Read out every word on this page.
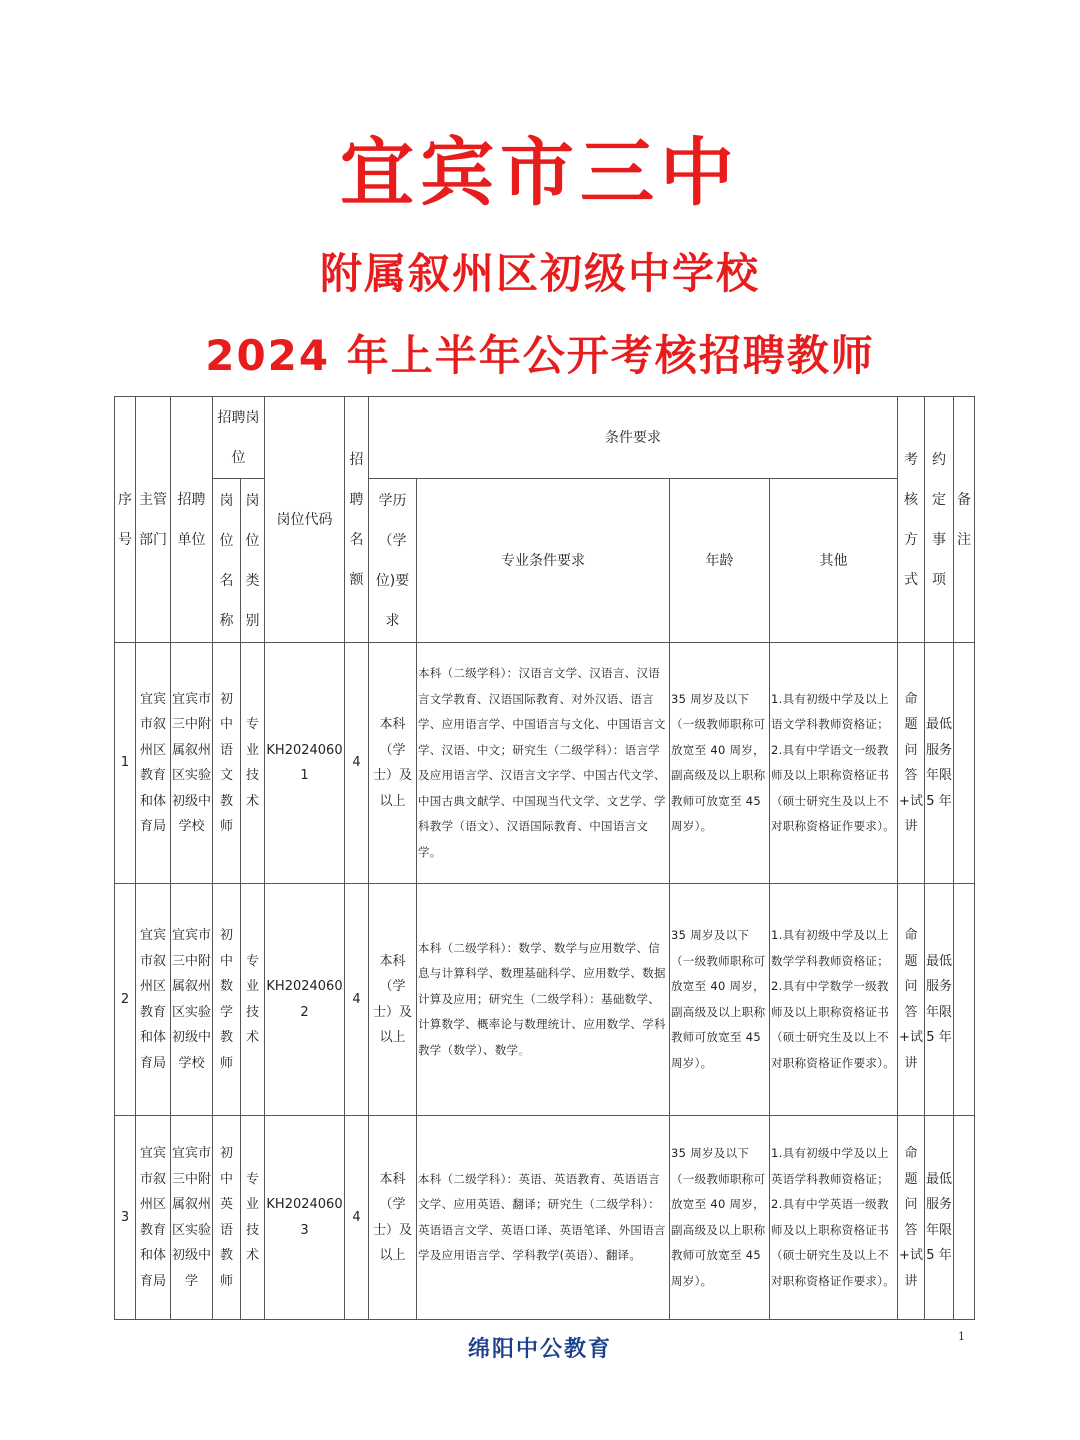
宜宾市三中
附属叙州区初级中学校
2024 年上半年公开考核招聘教师
序号	主管部门	招聘单位	招聘岗位		岗位代码	招聘名额	条件要求				考核方式	约定事项	备注
			岗位名称	岗位类别			学历（学位)要求	专业条件要求	年龄	其他			
1	宜宾市叙州区教育和体育局	宜宾市三中附属叙州区实验初级中学校	初中语文教师	专业技术	KH20240601	4	本科（学士）及以上	本科（二级学科）：汉语言文学、汉语言、汉语言文学教育、汉语国际教育、对外汉语、语言学、应用语言学、中国语言与文化、中国语言文学、汉语、中文；研究生（二级学科）：语言学及应用语言学、汉语言文字学、中国古代文学、中国古典文献学、中国现当代文学、文艺学、学科教学（语文）、汉语国际教育、中国语言文学。	35 周岁及以下（一级教师职称可放宽至 40 周岁，副高级及以上职称教师可放宽至 45 周岁）。	1.具有初级中学及以上语文学科教师资格证；2.具有中学语文一级教师及以上职称资格证书（硕士研究生及以上不对职称资格证作要求）。	命题问答+试讲	最低服务年限 5 年	
2	宜宾市叙州区教育和体育局	宜宾市三中附属叙州区实验初级中学校	初中数学教师	专业技术	KH20240602	4	本科（学士）及以上	本科（二级学科）：数学、数学与应用数学、信息与计算科学、数理基础科学、应用数学、数据计算及应用；研究生（二级学科）：基础数学、计算数学、概率论与数理统计、应用数学、学科教学（数学）、数学。	35 周岁及以下（一级教师职称可放宽至 40 周岁，副高级及以上职称教师可放宽至 45 周岁）。	1.具有初级中学及以上数学学科教师资格证；2.具有中学数学一级教师及以上职称资格证书（硕士研究生及以上不对职称资格证作要求）。	命题问答+试讲	最低服务年限 5 年	
3	宜宾市叙州区教育和体育局	宜宾市三中附属叙州区实验初级中学	初中英语教师	专业技术	KH20240603	4	本科（学士）及以上	本科（二级学科）：英语、英语教育、英语语言文学、应用英语、翻译；研究生（二级学科）：英语语言文学、英语口译、英语笔译、外国语言学及应用语言学、学科教学(英语）、翻译。	35 周岁及以下（一级教师职称可放宽至 40 周岁，副高级及以上职称教师可放宽至 45 周岁）。	1.具有初级中学及以上英语学科教师资格证；2.具有中学英语一级教师及以上职称资格证书（硕士研究生及以上不对职称资格证作要求）。	命题问答+试讲	最低服务年限 5 年	
绵阳中公教育
1
